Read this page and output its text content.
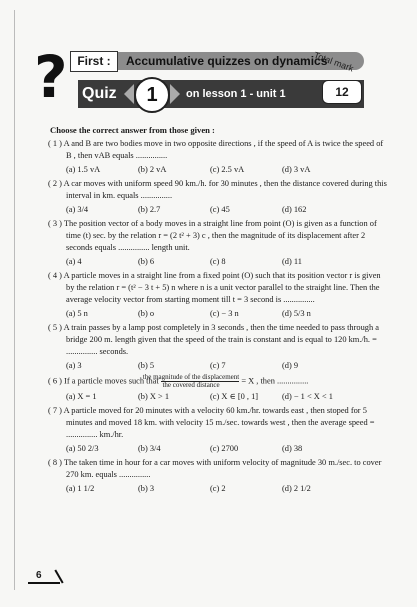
? First :	Accumulative quizzes on dynamics
Total mark
Quiz	1	on lesson 1 - unit 1	12
Choose the correct answer from those given :
( 1 ) A and B are two bodies move in two opposite directions , if the speed of A is twice the speed of B , then vAB equals ...............
(a) 1.5 vA	(b) 2 vA	(c) 2.5 vA	(d) 3 vA
( 2 ) A car moves with uniform speed 90 km./h. for 30 minutes , then the distance covered during this interval in km. equals ...............
(a) 3/4	(b) 2.7	(c) 45	(d) 162
( 3 ) The position vector of a body moves in a straight line from point (O) is given as a function of time (t) sec. by the relation r = (2 t² + 3) c , then the magnitude of its displacement after 2 seconds equals ............... length unit.
(a) 4	(b) 6	(c) 8	(d) 11
( 4 ) A particle moves in a straight line from a fixed point (O) such that its position vector r is given by the relation r = (t² − 3 t + 5) n where n is a unit vector parallel to the straight line. Then the average velocity vector from starting moment till t = 3 second is ...............
(a) 5 n	(b) o	(c) − 3 n	(d) 5/3 n
( 5 ) A train passes by a lamp post completely in 3 seconds , then the time needed to pass through a bridge 200 m. length given that the speed of the train is constant and is equal to 120 km./h. = ............... seconds.
(a) 3	(b) 5	(c) 7	(d) 9
( 6 ) If a particle moves such that $\frac{\text{the magnitude of the displacement}}{\text{the covered distance}} = X$ , then ...............
(a) X = 1	(b) X > 1	(c) X ∈ [0 , 1]	(d) − 1 < X < 1
( 7 ) A particle moved for 20 minutes with a velocity 60 km./hr. towards east , then stoped for 5 minutes and moved 18 km. with velocity 15 m./sec. towards west , then the average speed = ............... km./hr.
(a) 50 2/3	(b) 3/4	(c) 2700	(d) 38
( 8 ) The taken time in hour for a car moves with uniform velocity of magnitude 30 m./sec. to cover 270 km. equals ...............
(a) 1 1/2	(b) 3	(c) 2	(d) 2 1/2
6
